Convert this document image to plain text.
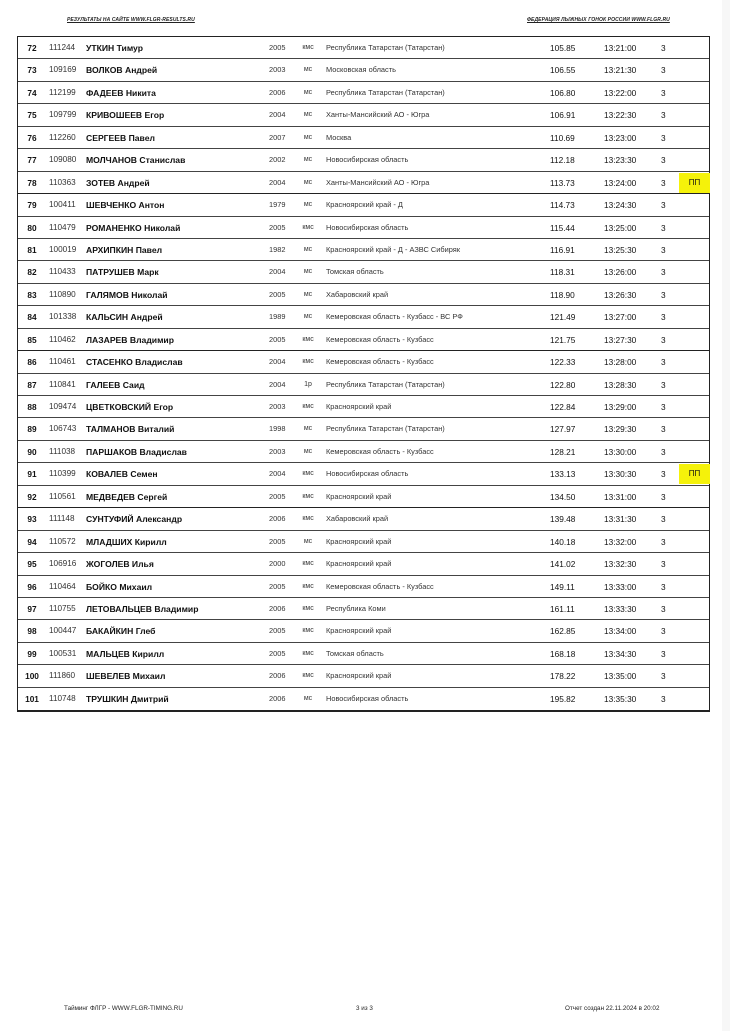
РЕЗУЛЬТАТЫ НА САЙТЕ WWW.FLGR-RESULTS.RU	ФЕДЕРАЦИЯ ЛЫЖНЫХ ГОНОК РОССИИ WWW.FLGR.RU
72	111244 УТКИН Тимур	2005	кмс	Республика Татарстан (Татарстан)	105.85	13:21:00	3
73	109169 ВОЛКОВ Андрей	2003	мс	Московская область	106.55	13:21:30	3
74	112199 ФАДЕЕВ Никита	2006	мс	Республика Татарстан (Татарстан)	106.80	13:22:00	3
75	109799 КРИВОШЕЕВ Егор	2004	мс	Ханты-Мансийский АО - Югра	106.91	13:22:30	3
76	112260 СЕРГЕЕВ Павел	2007	мс	Москва	110.69	13:23:00	3
77	109080 МОЛЧАНОВ Станислав	2002	мс	Новосибирская область	112.18	13:23:30	3
78	110363 ЗОТЕВ Андрей	2004	мс	Ханты-Мансийский АО - Югра	113.73	13:24:00	3	ПП
79	100411 ШЕВЧЕНКО Антон	1979	мс	Красноярский край - Д	114.73	13:24:30	3
80	110479 РОМАНЕНКО Николай	2005	кмс	Новосибирская область	115.44	13:25:00	3
81	100019 АРХИПКИН Павел	1982	мс	Красноярский край - Д - АЗВС Сибиряк	116.91	13:25:30	3
82	110433 ПАТРУШЕВ Марк	2004	мс	Томская область	118.31	13:26:00	3
83	110890 ГАЛЯМОВ Николай	2005	мс	Хабаровский край	118.90	13:26:30	3
84	101338 КАЛЬСИН Андрей	1989	мс	Кемеровская область - Кузбасс - ВС РФ	121.49	13:27:00	3
85	110462 ЛАЗАРЕВ Владимир	2005	кмс	Кемеровская область - Кузбасс	121.75	13:27:30	3
86	110461 СТАСЕНКО Владислав	2004	кмс	Кемеровская область - Кузбасс	122.33	13:28:00	3
87	110841 ГАЛЕЕВ Саид	2004	1р	Республика Татарстан (Татарстан)	122.80	13:28:30	3
88	109474 ЦВЕТКОВСКИЙ Егор	2003	кмс	Красноярский край	122.84	13:29:00	3
89	106743 ТАЛМАНОВ Виталий	1998	мс	Республика Татарстан (Татарстан)	127.97	13:29:30	3
90	111038 ПАРШАКОВ Владислав	2003	мс	Кемеровская область - Кузбасс	128.21	13:30:00	3
91	110399 КОВАЛЕВ Семен	2004	кмс	Новосибирская область	133.13	13:30:30	3	ПП
92	110561 МЕДВЕДЕВ Сергей	2005	кмс	Красноярский край	134.50	13:31:00	3
93	111148 СУНТУФИЙ Александр	2006	кмс	Хабаровский край	139.48	13:31:30	3
94	110572 МЛАДШИХ Кирилл	2005	мс	Красноярский край	140.18	13:32:00	3
95	106916 ЖОГОЛЕВ Илья	2000	кмс	Красноярский край	141.02	13:32:30	3
96	110464 БОЙКО Михаил	2005	кмс	Кемеровская область - Кузбасс	149.11	13:33:00	3
97	110755 ЛЕТОВАЛЬЦЕВ Владимир	2006	кмс	Республика Коми	161.11	13:33:30	3
98	100447 БАКАЙКИН Глеб	2005	кмс	Красноярский край	162.85	13:34:00	3
99	100531 МАЛЬЦЕВ Кирилл	2005	кмс	Томская область	168.18	13:34:30	3
100	111860 ШЕВЕЛЕВ Михаил	2006	кмс	Красноярский край	178.22	13:35:00	3
101	110748 ТРУШКИН Дмитрий	2006	мс	Новосибирская область	195.82	13:35:30	3
Тайминг ФЛГР - WWW.FLGR-TIMING.RU	3 из 3	Отчет создан 22.11.2024 в 20:02
